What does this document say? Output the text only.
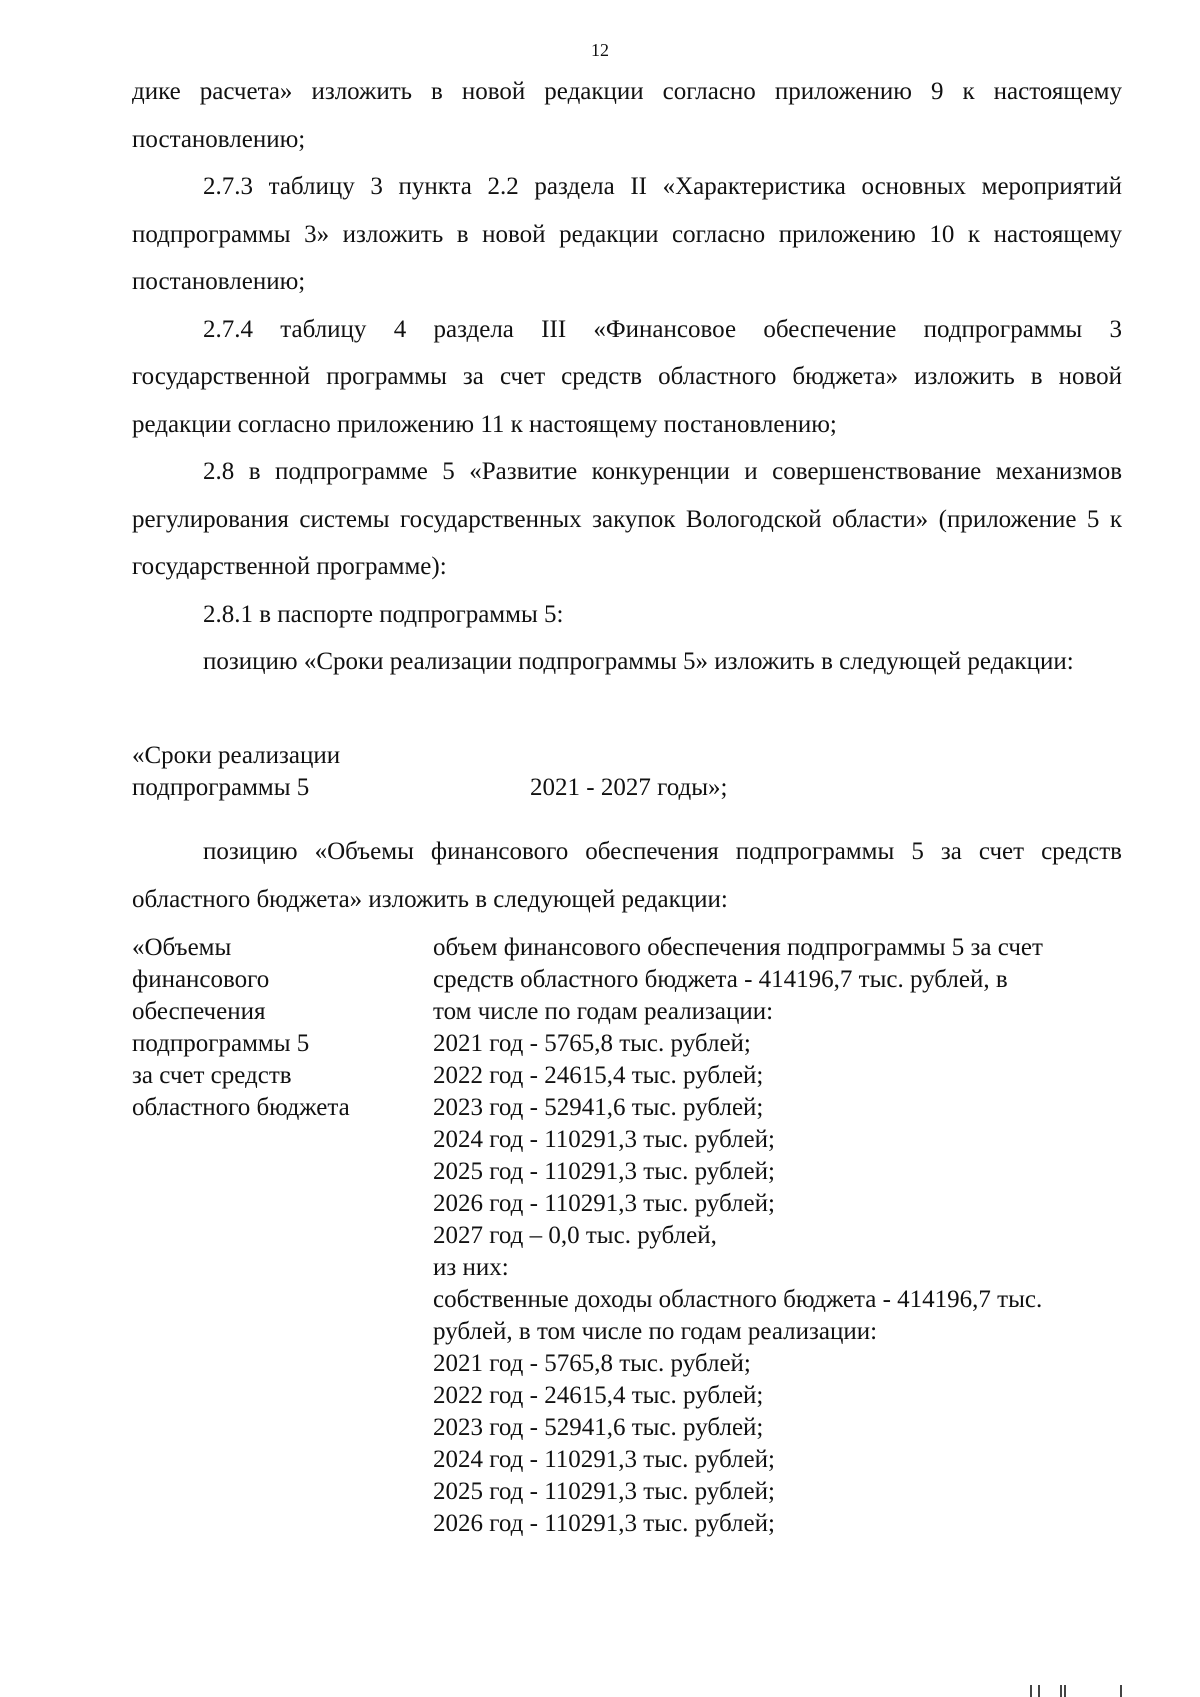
12

дике расчета» изложить в новой редакции согласно приложению 9 к настоящему постановлению;

2.7.3 таблицу 3 пункта 2.2 раздела II «Характеристика основных мероприятий подпрограммы 3» изложить в новой редакции согласно приложению 10 к настоящему постановлению;

2.7.4 таблицу 4 раздела III «Финансовое обеспечение подпрограммы 3 государственной программы за счет средств областного бюджета» изложить в новой редакции согласно приложению 11 к настоящему постановлению;

2.8 в подпрограмме 5 «Развитие конкуренции и совершенствование механизмов регулирования системы государственных закупок Вологодской области» (приложение 5 к государственной программе):

2.8.1 в паспорте подпрограммы 5:

позицию «Сроки реализации подпрограммы 5» изложить в следующей редакции:

«Сроки реализации
подпрограммы 5	2021 - 2027 годы»;

позицию «Объемы финансового обеспечения подпрограммы 5 за счет средств областного бюджета» изложить в следующей редакции:

«Объемы
финансового
обеспечения
подпрограммы 5
за счет средств
областного бюджета
объем финансового обеспечения подпрограммы 5 за счет
средств областного бюджета - 414196,7 тыс. рублей, в
том числе по годам реализации:
2021 год - 5765,8 тыс. рублей;
2022 год - 24615,4 тыс. рублей;
2023 год - 52941,6 тыс. рублей;
2024 год - 110291,3 тыс. рублей;
2025 год - 110291,3 тыс. рублей;
2026 год - 110291,3 тыс. рублей;
2027 год – 0,0 тыс. рублей,
из них:
собственные доходы областного бюджета - 414196,7 тыс.
рублей, в том числе по годам реализации:
2021 год - 5765,8 тыс. рублей;
2022 год - 24615,4 тыс. рублей;
2023 год - 52941,6 тыс. рублей;
2024 год - 110291,3 тыс. рублей;
2025 год - 110291,3 тыс. рублей;
2026 год - 110291,3 тыс. рублей;
